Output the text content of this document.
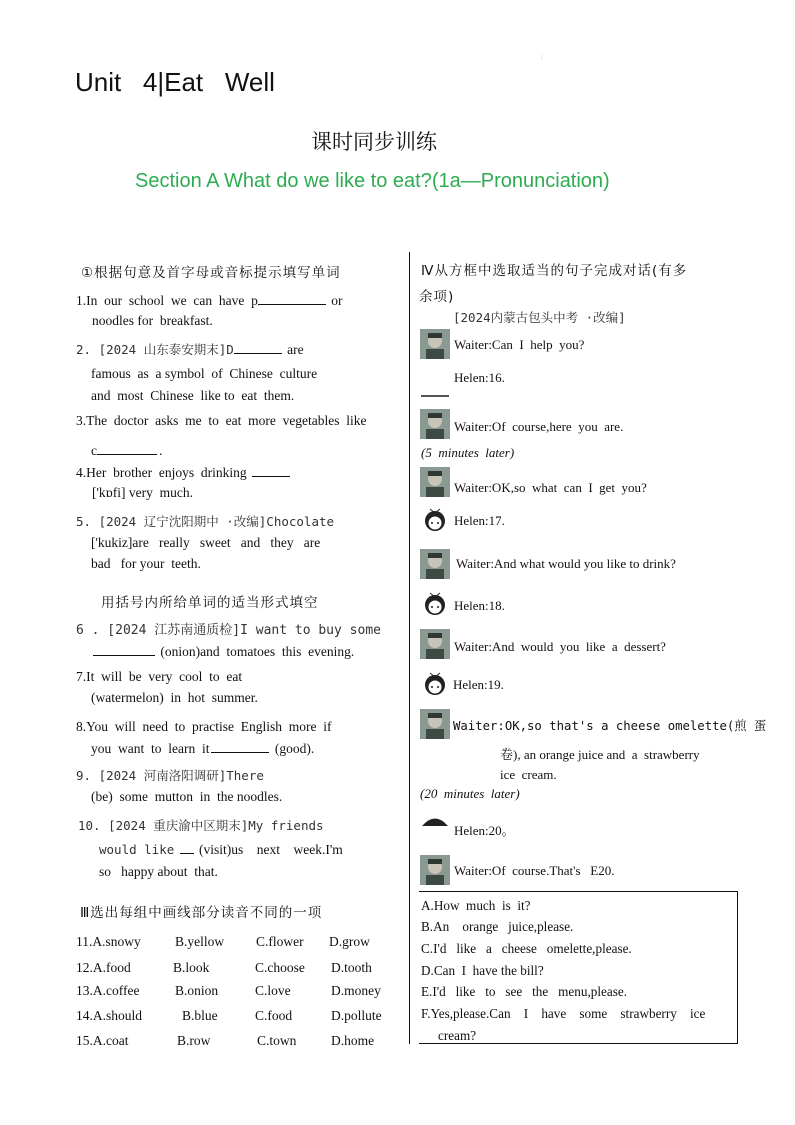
:
Unit   4|Eat   Well
课时同步训练
Section A What do we like to eat?(1a—Pronunciation)
①根据句意及首字母或音标提示填写单词
1.In  our  school  we  can  have  p	or
noodles for  breakfast.
2. [2024 山东泰安期末]D	are
famous  as  a symbol  of  Chinese  culture
and  most  Chinese  like to  eat  them.
3.The  doctor  asks  me  to  eat  more  vegetables  like
c	.
4.Her  brother  enjoys  drinking
['kɒfi] very  much.
5. [2024 辽宁沈阳期中 ·改编]Chocolate
['kukiz]are   really   sweet   and   they   are
bad   for your  teeth.
用括号内所给单词的适当形式填空
6 . [2024 江苏南通质检]I want to buy some
(onion)and  tomatoes  this  evening.
7.It  will  be  very  cool  to  eat
(watermelon)  in  hot  summer.
8.You  will  need  to  practise  English  more  if
you  want  to  learn  it	(good).
9. [2024 河南洛阳调研]There
(be)  some  mutton  in  the noodles.
10. [2024 重庆渝中区期末]My friends
would like (visit)us    next    week.I'm
so   happy about  that.
Ⅲ选出每组中画线部分读音不同的一项
11.A.snowy	B.yellow C.flower D.grow
12.A.food	B.look	C.choose D.tooth
13.A.coffee	B.onion	C.love	D.money
14.A.should	B.blue	C.food	D.pollute
15.A.coat	B.row	C.town	D.home
Ⅳ从方框中选取适当的句子完成对话(有多
余项)
[2024内蒙古包头中考 ·改编]
Waiter:Can  I  help  you?
Helen:16.
Waiter:Of  course,here  you  are.
(5  minutes  later)
Waiter:OK,so  what  can  I  get  you?
Helen:17.
Waiter:And what would you like to drink?
Helen:18.
Waiter:And  would  you  like  a  dessert?
Helen:19.
Waiter:OK,so that's a cheese omelette(煎 蛋
卷), an orange juice and  a  strawberry
ice  cream.
(20  minutes  later)
Helen:20。
Waiter:Of  course.That's   E20.
A.How  much  is  it?
B.An    orange   juice,please.
C.I'd   like   a   cheese   omelette,please.
D.Can  I  have the bill?
E.I'd   like   to   see   the   menu,please.
F.Yes,please.Can    I    have    some    strawberry    ice
cream?
